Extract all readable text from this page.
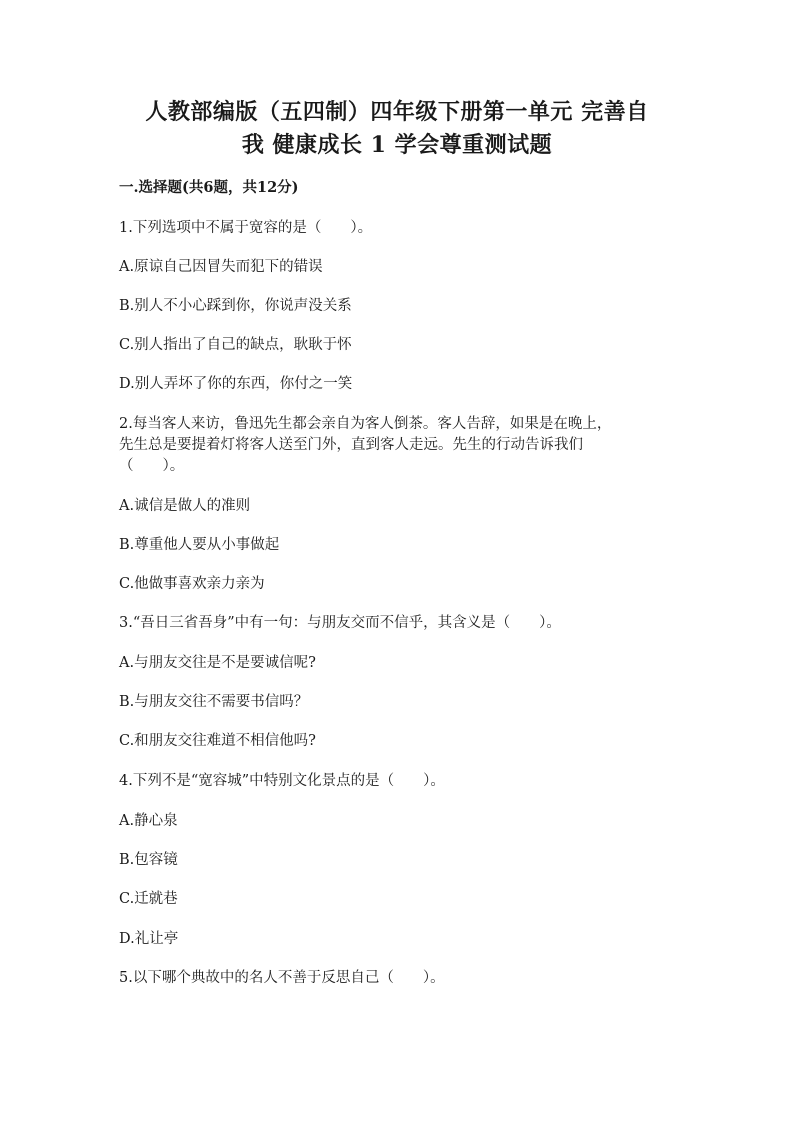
人教部编版（五四制）四年级下册第一单元 完善自
我 健康成长 1 学会尊重测试题
一.选择题(共6题，共12分)
1.下列选项中不属于宽容的是（　　）。
A.原谅自己因冒失而犯下的错误
B.别人不小心踩到你，你说声没关系
C.别人指出了自己的缺点，耿耿于怀
D.别人弄坏了你的东西，你付之一笑
2.每当客人来访，鲁迅先生都会亲自为客人倒茶。客人告辞，如果是在晚上，
先生总是要提着灯将客人送至门外，直到客人走远。先生的行动告诉我们
（　　）。
A.诚信是做人的准则
B.尊重他人要从小事做起
C.他做事喜欢亲力亲为
3.“吾日三省吾身”中有一句：与朋友交而不信乎，其含义是（　　）。
A.与朋友交往是不是要诚信呢?
B.与朋友交往不需要书信吗？
C.和朋友交往难道不相信他吗?
4.下列不是“宽容城”中特别文化景点的是（　　）。
A.静心泉
B.包容镜
C.迁就巷
D.礼让亭
5.以下哪个典故中的名人不善于反思自己（　　）。
